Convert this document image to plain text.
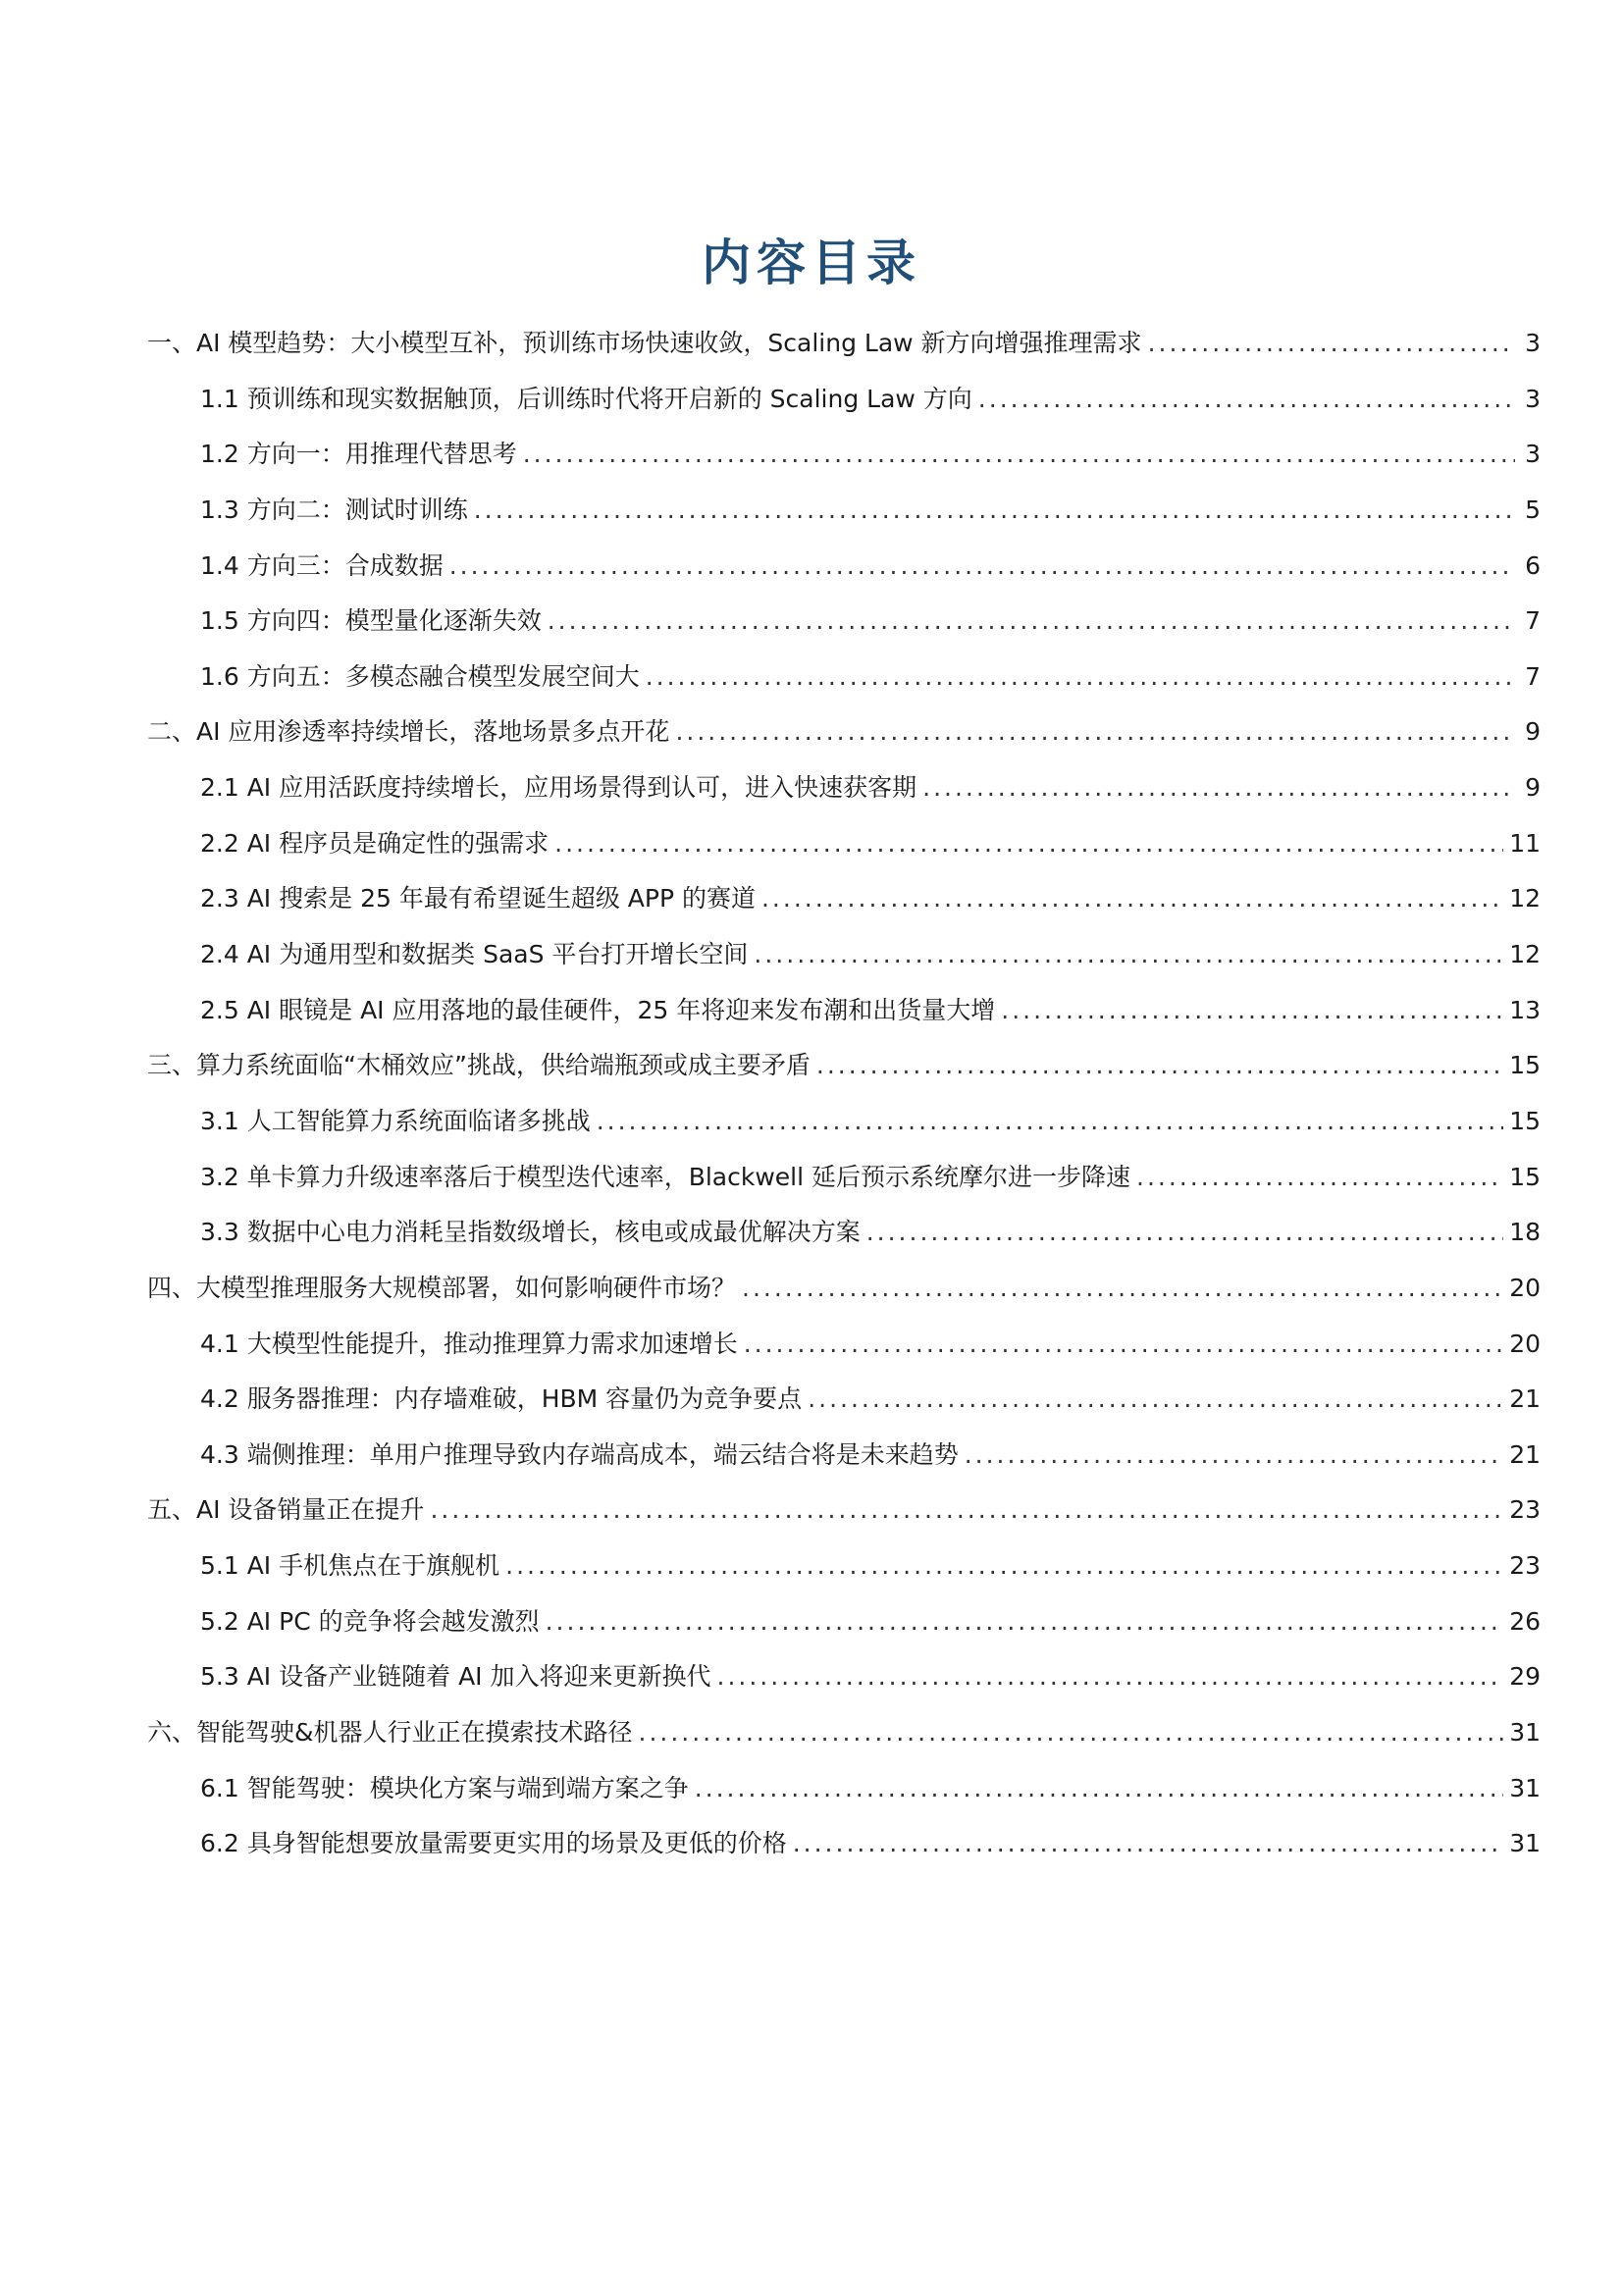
内容目录
一、AI 模型趋势：大小模型互补，预训练市场快速收敛，Scaling Law 新方向增强推理需求 .....	3
1.1 预训练和现实数据触顶，后训练时代将开启新的 Scaling Law 方向 .....	3
1.2 方向一：用推理代替思考 .....	3
1.3 方向二：测试时训练 .....	5
1.4 方向三：合成数据 .....	6
1.5 方向四：模型量化逐渐失效 .....	7
1.6 方向五：多模态融合模型发展空间大 .....	7
二、AI 应用渗透率持续增长，落地场景多点开花 .....	9
2.1 AI 应用活跃度持续增长，应用场景得到认可，进入快速获客期 .....	9
2.2 AI 程序员是确定性的强需求 .....	11
2.3 AI 搜索是 25 年最有希望诞生超级 APP 的赛道 .....	12
2.4 AI 为通用型和数据类 SaaS 平台打开增长空间 .....	12
2.5 AI 眼镜是 AI 应用落地的最佳硬件，25 年将迎来发布潮和出货量大增 .....	13
三、算力系统面临“木桶效应”挑战，供给端瓶颈或成主要矛盾 .....	15
3.1 人工智能算力系统面临诸多挑战 .....	15
3.2 单卡算力升级速率落后于模型迭代速率，Blackwell 延后预示系统摩尔进一步降速 .....	15
3.3 数据中心电力消耗呈指数级增长，核电或成最优解决方案 .....	18
四、大模型推理服务大规模部署，如何影响硬件市场？ .....	20
4.1 大模型性能提升，推动推理算力需求加速增长 .....	20
4.2 服务器推理：内存墙难破，HBM 容量仍为竞争要点 .....	21
4.3 端侧推理：单用户推理导致内存端高成本，端云结合将是未来趋势 .....	21
五、AI 设备销量正在提升 .....	23
5.1 AI 手机焦点在于旗舰机 .....	23
5.2 AI PC 的竞争将会越发激烈 .....	26
5.3 AI 设备产业链随着 AI 加入将迎来更新换代 .....	29
六、智能驾驶&机器人行业正在摸索技术路径 .....	31
6.1 智能驾驶：模块化方案与端到端方案之争 .....	31
6.2 具身智能想要放量需要更实用的场景及更低的价格 .....	31
